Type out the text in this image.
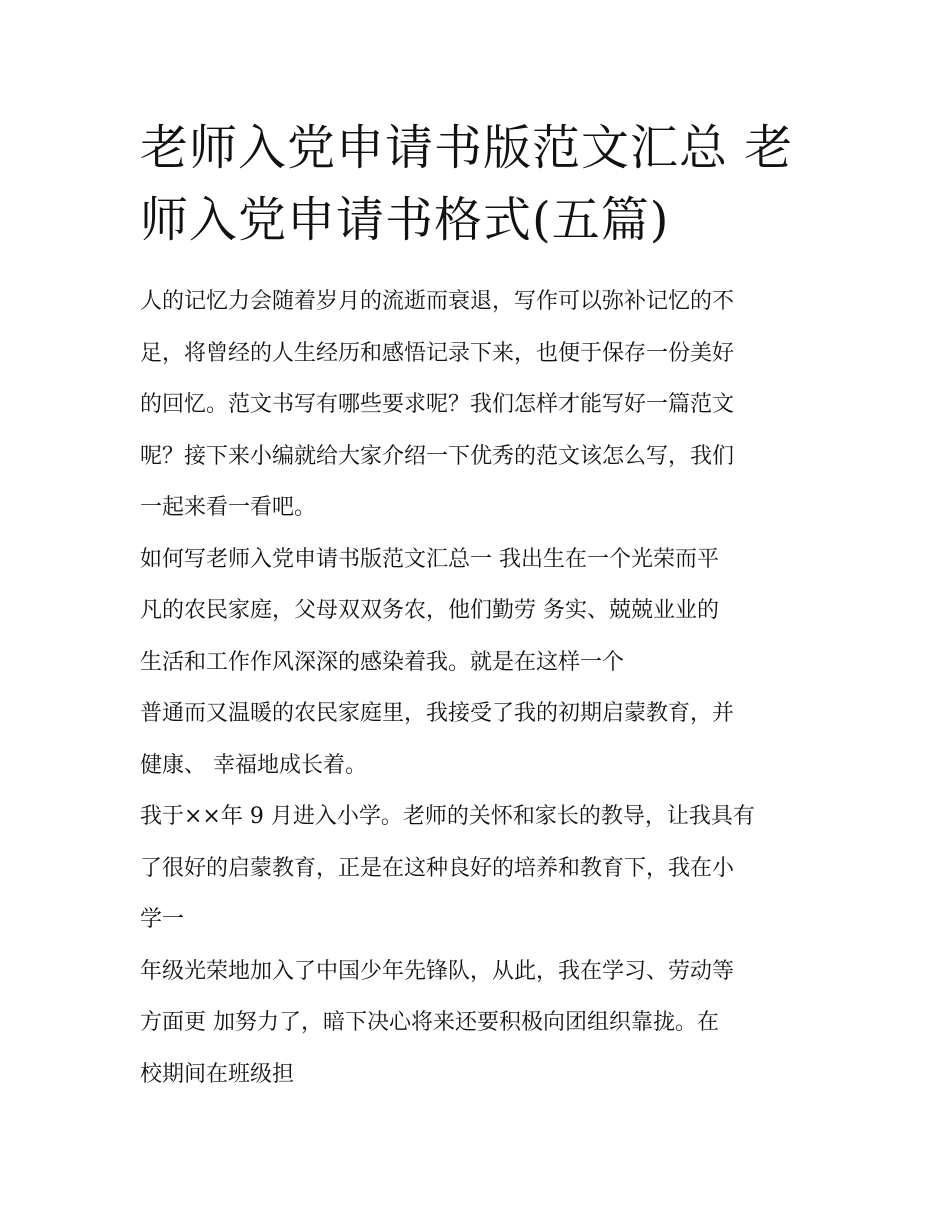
老师入党申请书版范文汇总 老
师入党申请书格式(五篇)
人的记忆力会随着岁月的流逝而衰退，写作可以弥补记忆的不
足，将曾经的人生经历和感悟记录下来，也便于保存一份美好
的回忆。范文书写有哪些要求呢？我们怎样才能写好一篇范文
呢？接下来小编就给大家介绍一下优秀的范文该怎么写，我们
一起来看一看吧。
如何写老师入党申请书版范文汇总一 我出生在一个光荣而平
凡的农民家庭，父母双双务农，他们勤劳 务实、兢兢业业的
生活和工作作风深深的感染着我。就是在这样一个
普通而又温暖的农民家庭里，我接受了我的初期启蒙教育，并
健康、 幸福地成长着。
我于××年 9 月进入小学。老师的关怀和家长的教导，让我具有
了很好的启蒙教育，正是在这种良好的培养和教育下，我在小
学一
年级光荣地加入了中国少年先锋队，从此，我在学习、劳动等
方面更 加努力了，暗下决心将来还要积极向团组织靠拢。在
校期间在班级担
